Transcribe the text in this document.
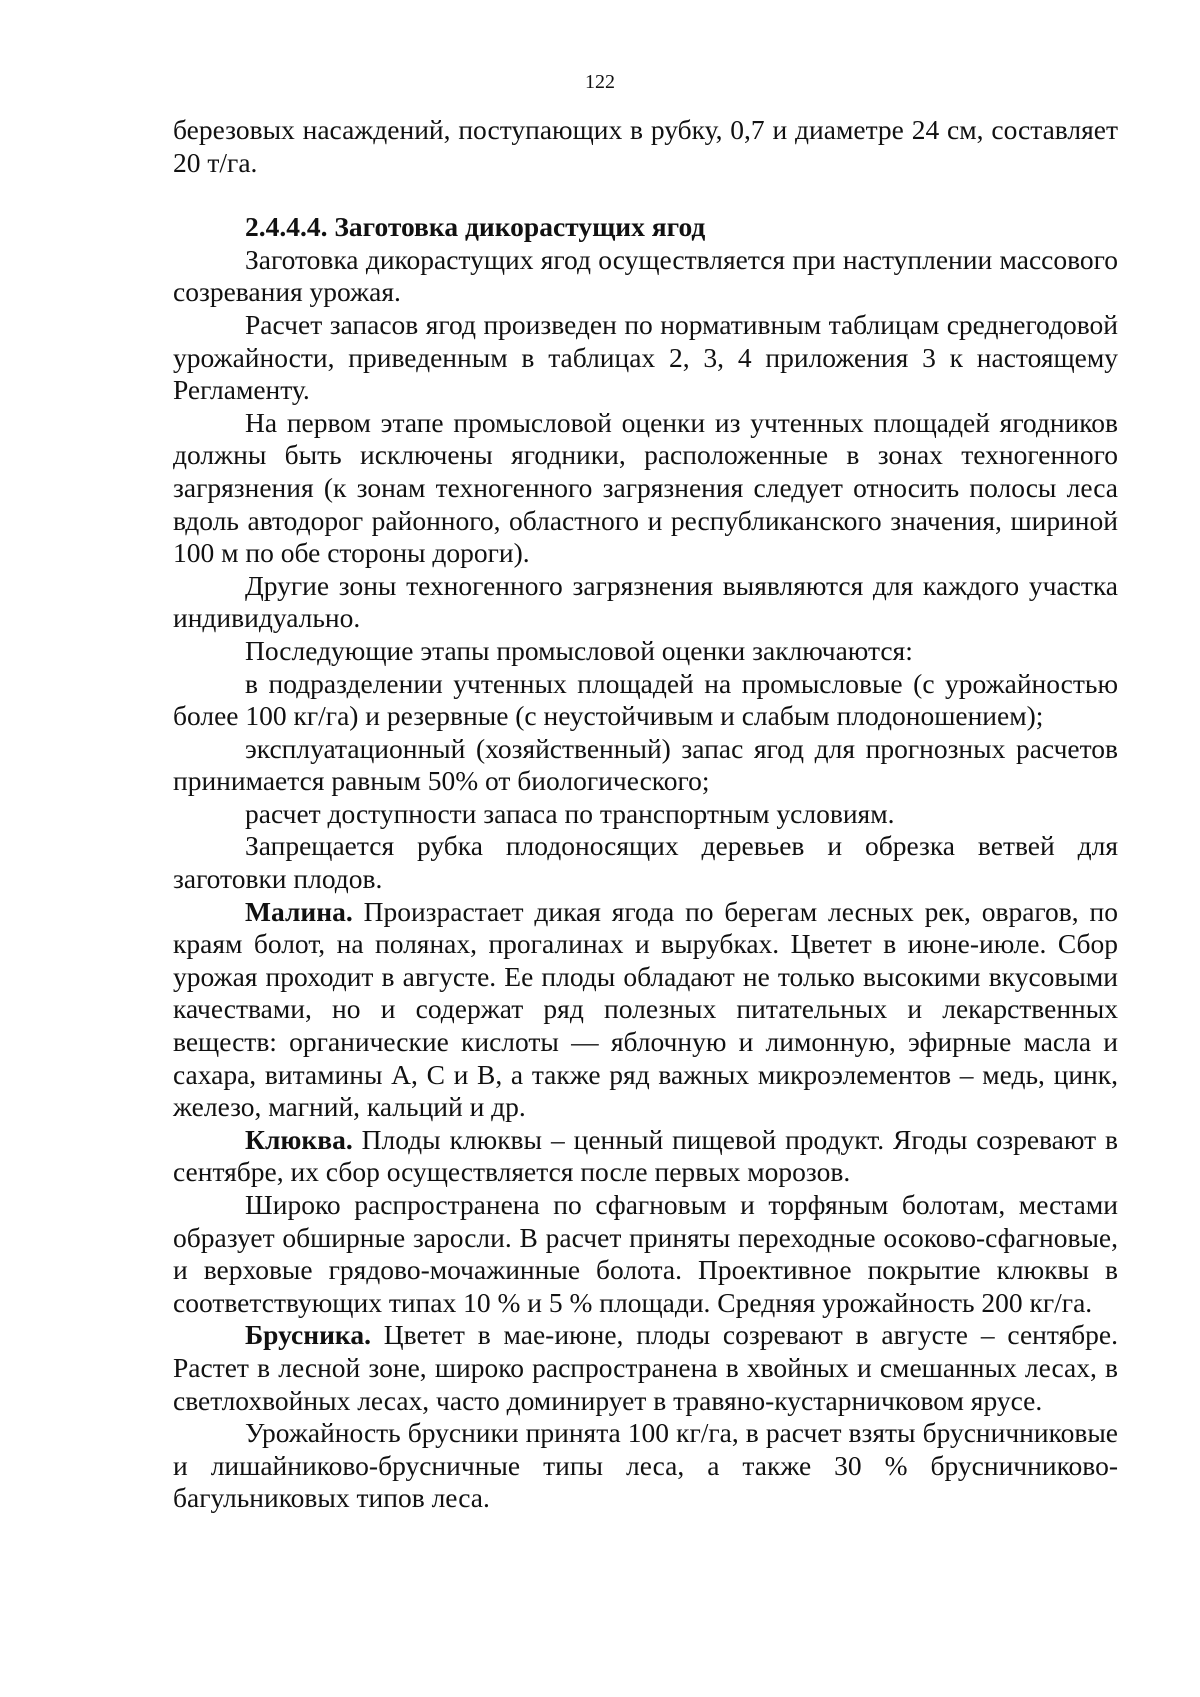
122

березовых насаждений, поступающих в рубку, 0,7 и диаметре 24 см, составляет 20 т/га.

2.4.4.4. Заготовка дикорастущих ягод

Заготовка дикорастущих ягод осуществляется при наступлении массового созревания урожая.

Расчет запасов ягод произведен по нормативным таблицам среднегодовой урожайности, приведенным в таблицах 2, 3, 4 приложения 3 к настоящему Регламенту.

На первом этапе промысловой оценки из учтенных площадей ягодников должны быть исключены ягодники, расположенные в зонах техногенного загрязнения (к зонам техногенного загрязнения следует относить полосы леса вдоль автодорог районного, областного и республиканского значения, шириной 100 м по обе стороны дороги).

Другие зоны техногенного загрязнения выявляются для каждого участка индивидуально.

Последующие этапы промысловой оценки заключаются:

в подразделении учтенных площадей на промысловые (с урожайностью более 100 кг/га) и резервные (с неустойчивым и слабым плодоношением);

эксплуатационный (хозяйственный) запас ягод для прогнозных расчетов принимается равным 50% от биологического;

расчет доступности запаса по транспортным условиям.

Запрещается рубка плодоносящих деревьев и обрезка ветвей для заготовки плодов.

Малина. Произрастает дикая ягода по берегам лесных рек, оврагов, по краям болот, на полянах, прогалинах и вырубках. Цветет в июне-июле. Сбор урожая проходит в августе. Ее плоды обладают не только высокими вкусовыми качествами, но и содержат ряд полезных питательных и лекарственных веществ: органические кислоты — яблочную и лимонную, эфирные масла и сахара, витамины А, С и В, а также ряд важных микроэлементов – медь, цинк, железо, магний, кальций и др.

Клюква. Плоды клюквы – ценный пищевой продукт. Ягоды созревают в сентябре, их сбор осуществляется после первых морозов.

Широко распространена по сфагновым и торфяным болотам, местами образует обширные заросли. В расчет приняты переходные осоково-сфагновые, и верховые грядово-мочажинные болота. Проективное покрытие клюквы в соответствующих типах 10 % и 5 % площади. Средняя урожайность 200 кг/га.

Брусника. Цветет в мае-июне, плоды созревают в августе – сентябре. Растет в лесной зоне, широко распространена в хвойных и смешанных лесах, в светлохвойных лесах, часто доминирует в травяно-кустарничковом ярусе.

Урожайность брусники принята 100 кг/га, в расчет взяты брусничниковые и лишайниково-брусничные типы леса, а также 30 % брусничниково-багульниковых типов леса.
